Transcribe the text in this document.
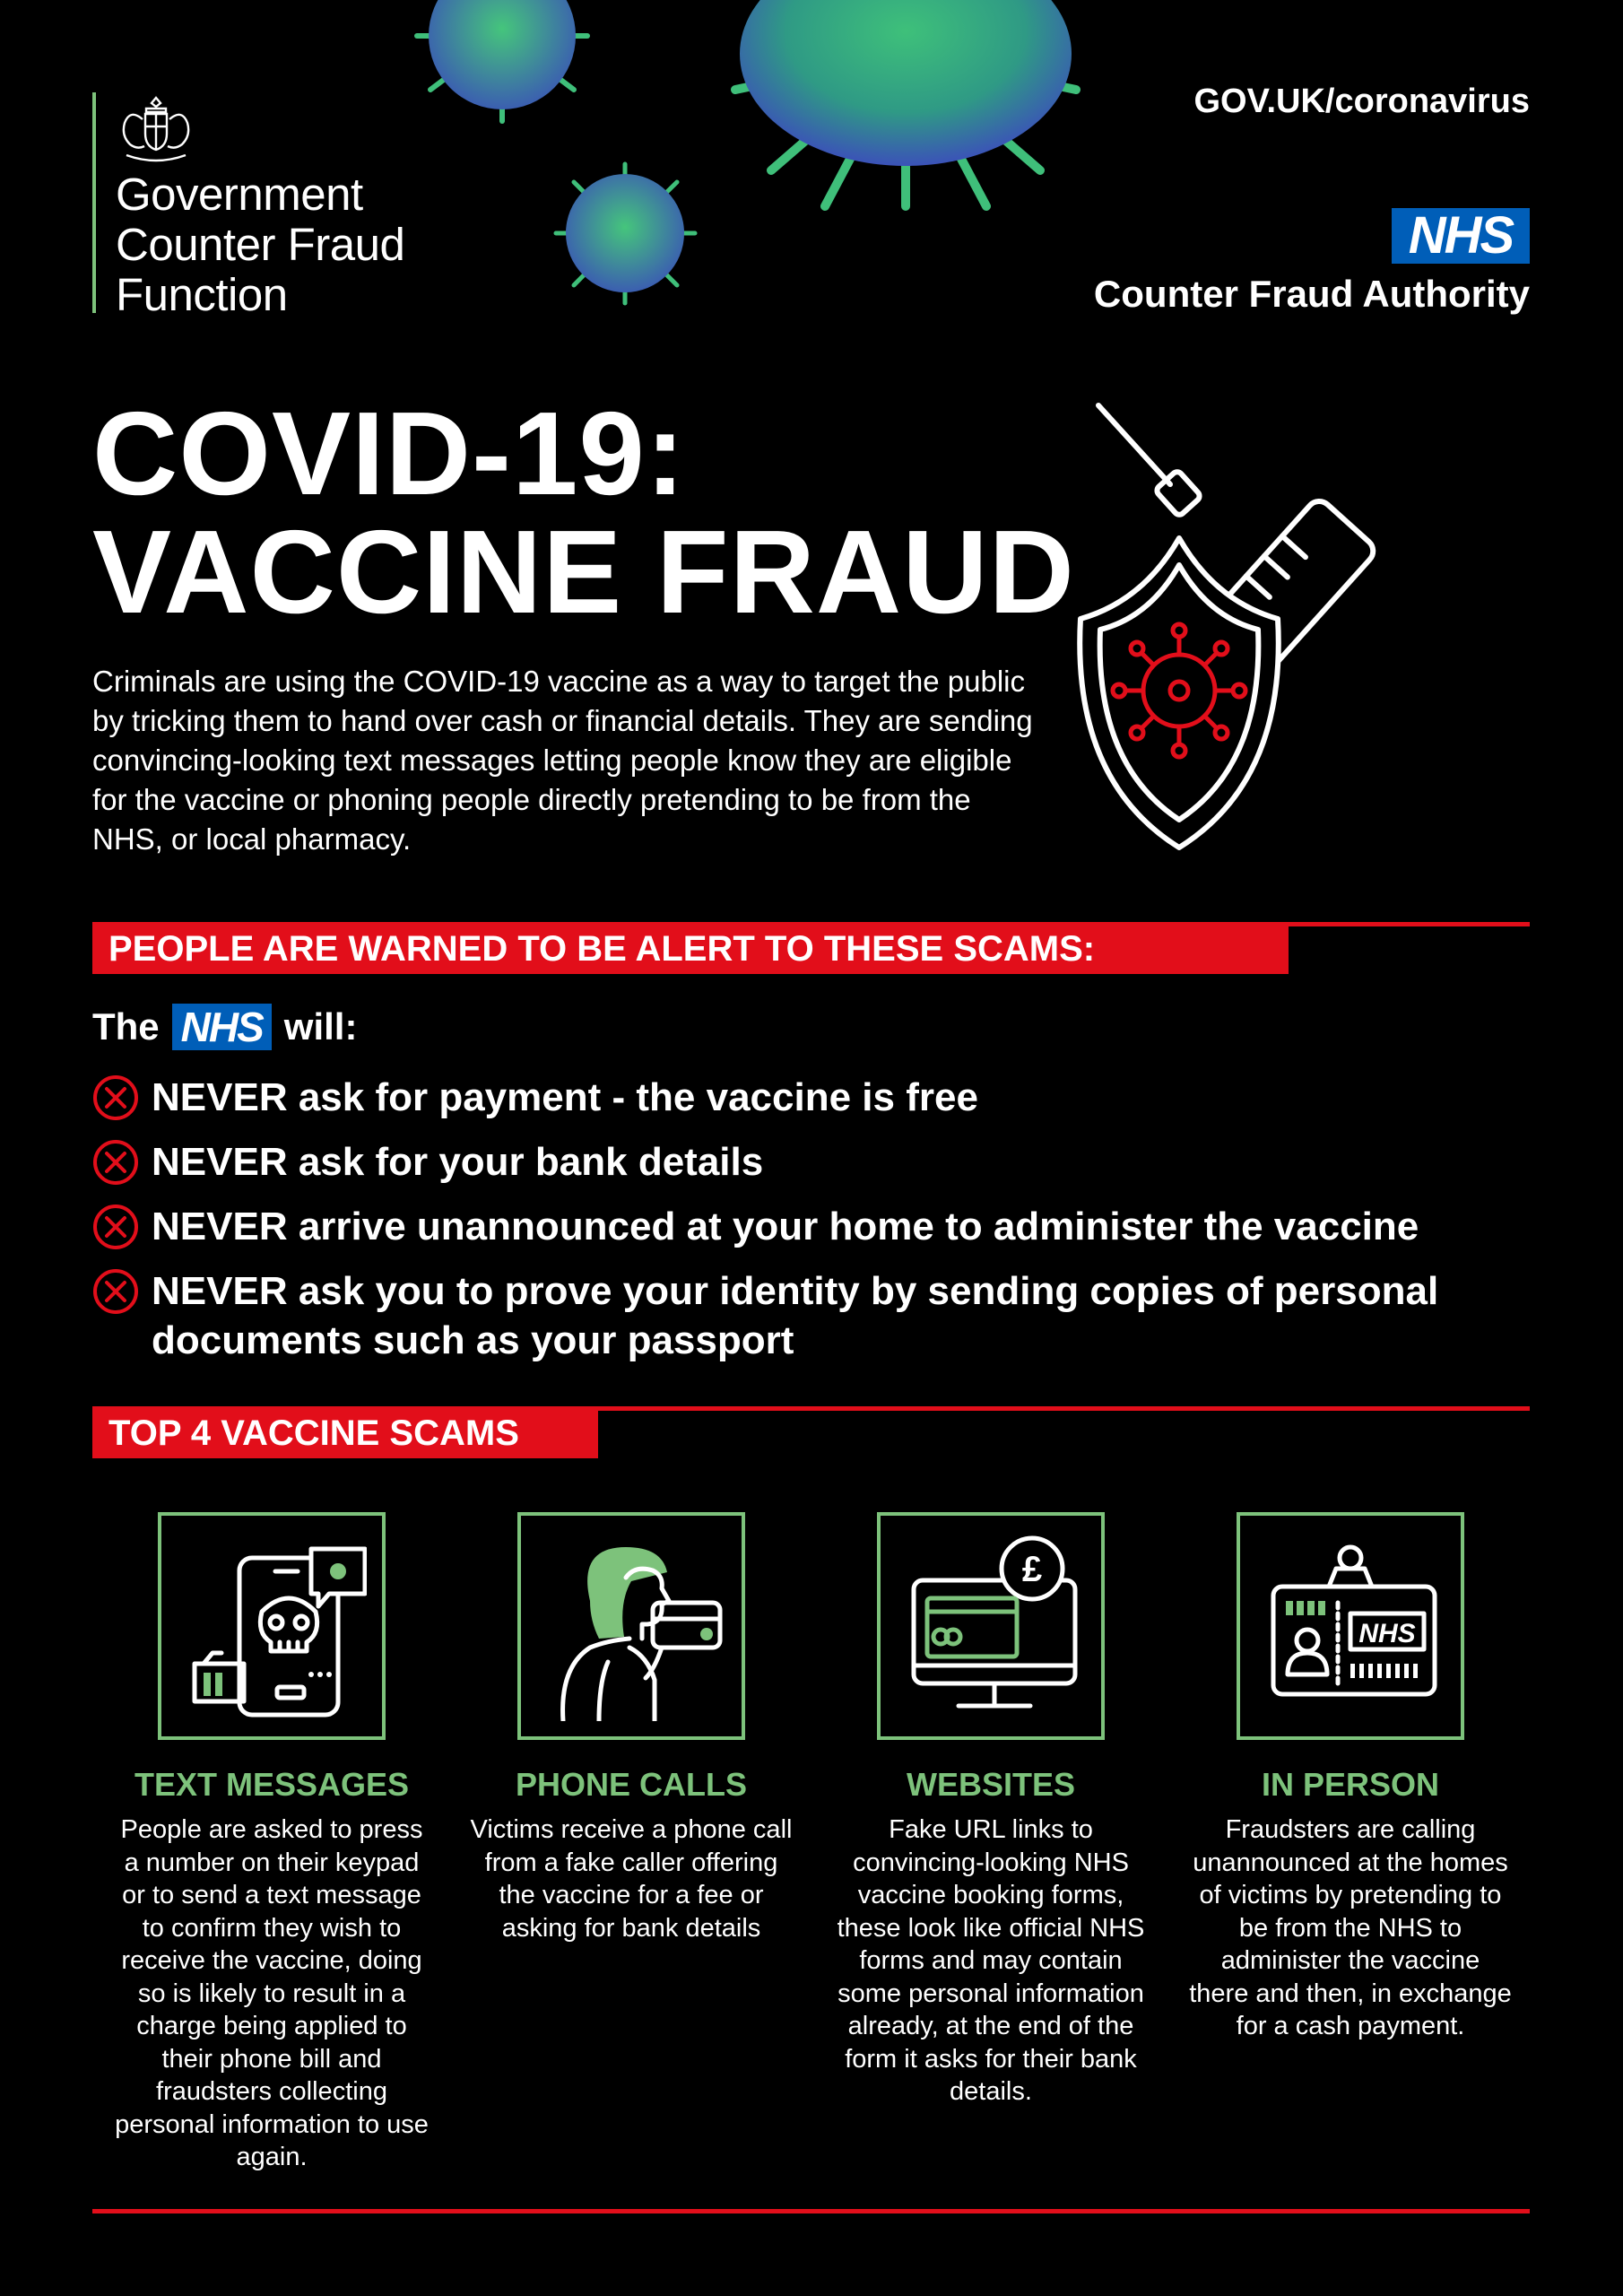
Government
Counter Fraud
Function
GOV.UK/coronavirus
NHS
Counter Fraud Authority
COVID-19:
VACCINE FRAUD
Criminals are using the COVID-19 vaccine as a way to target the public by tricking them to hand over cash or financial details. They are sending convincing-looking text messages letting people know they are eligible for the vaccine or phoning people directly pretending to be from the NHS, or local pharmacy.
PEOPLE ARE WARNED TO BE ALERT TO THESE SCAMS:
The NHS will:
NEVER ask for payment - the vaccine is free
NEVER ask for your bank details
NEVER arrive unannounced at your home to administer the vaccine
NEVER ask you to prove your identity by sending copies of personal documents such as your passport
TOP 4 VACCINE SCAMS
TEXT MESSAGES
People are asked to press a number on their keypad or to send a text message to confirm they wish to receive the vaccine, doing so is likely to result in a charge being applied to their phone bill and fraudsters collecting personal information to use again.
PHONE CALLS
Victims receive a phone call from a fake caller offering the vaccine for a fee or asking for bank details
£
WEBSITES
Fake URL links to convincing-looking NHS vaccine booking forms, these look like official NHS forms and may contain some personal information already, at the end of the form it asks for their bank details.
NHS
IN PERSON
Fraudsters are calling unannounced at the homes of victims by pretending to be from the NHS to administer the vaccine there and then, in exchange for a cash payment.
